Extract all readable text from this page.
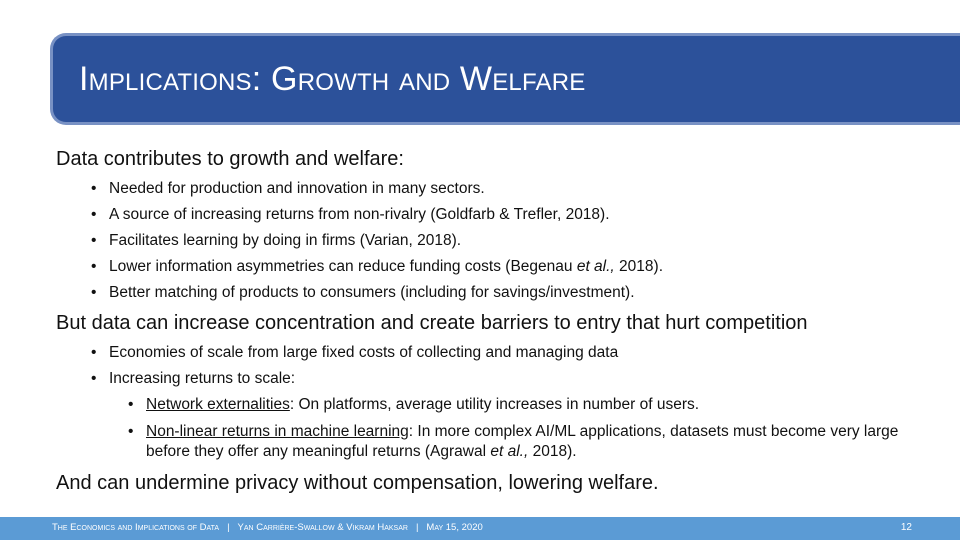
Implications: Growth and Welfare

Data contributes to growth and welfare:

• Needed for production and innovation in many sectors.
• A source of increasing returns from non-rivalry (Goldfarb & Trefler, 2018).
• Facilitates learning by doing in firms (Varian, 2018).
• Lower information asymmetries can reduce funding costs (Begenau et al., 2018).
• Better matching of products to consumers (including for savings/investment).

But data can increase concentration and create barriers to entry that hurt competition

• Economies of scale from large fixed costs of collecting and managing data
• Increasing returns to scale:
• Network externalities: On platforms, average utility increases in number of users.
• Non-linear returns in machine learning: In more complex AI/ML applications, datasets must become very large before they offer any meaningful returns (Agrawal et al., 2018).

And can undermine privacy without compensation, lowering welfare.

The Economics and Implications of Data | Yan Carrière-Swallow & Vikram Haksar | May 15, 2020	12
